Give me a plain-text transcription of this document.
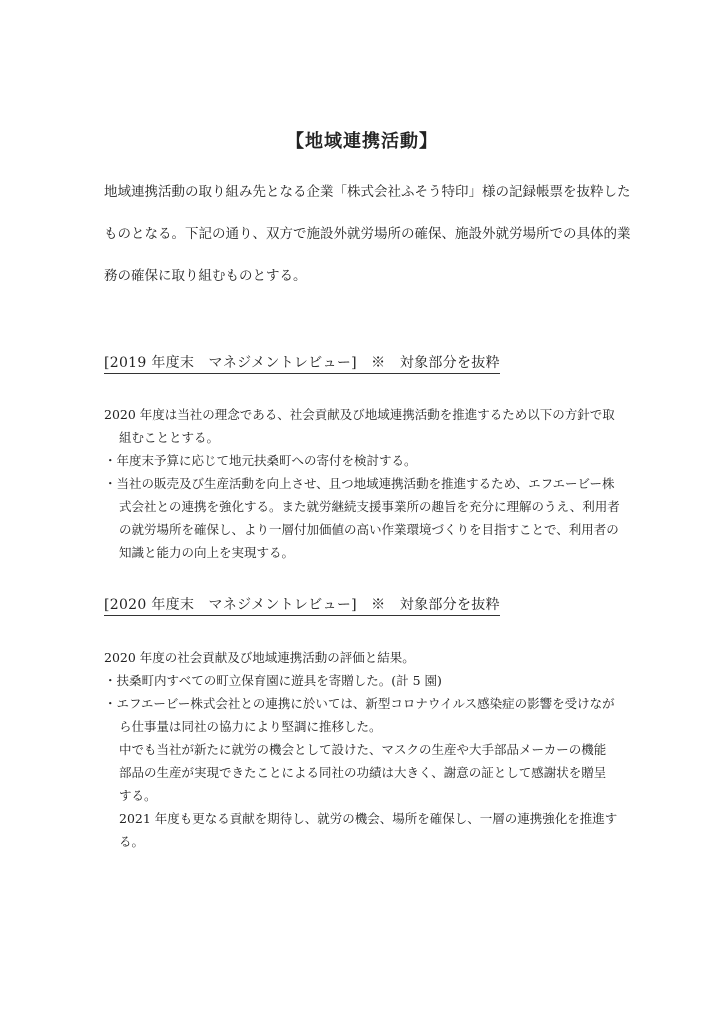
【地域連携活動】
地域連携活動の取り組み先となる企業「株式会社ふそう特印」様の記録帳票を抜粋した
ものとなる。下記の通り、双方で施設外就労場所の確保、施設外就労場所での具体的業
務の確保に取り組むものとする。
[2019 年度末　マネジメントレビュー]　※　対象部分を抜粋
2020 年度は当社の理念である、社会貢献及び地域連携活動を推進するため以下の方針で取
組むこととする。
・年度末予算に応じて地元扶桑町への寄付を検討する。
・当社の販売及び生産活動を向上させ、且つ地域連携活動を推進するため、エフエービー株
式会社との連携を強化する。また就労継続支援事業所の趣旨を充分に理解のうえ、利用者
の就労場所を確保し、より一層付加価値の高い作業環境づくりを目指すことで、利用者の
知識と能力の向上を実現する。
[2020 年度末　マネジメントレビュー]　※　対象部分を抜粋
2020 年度の社会貢献及び地域連携活動の評価と結果。
・扶桑町内すべての町立保育園に遊具を寄贈した。(計 5 園)
・エフエービー株式会社との連携に於いては、新型コロナウイルス感染症の影響を受けなが
ら仕事量は同社の協力により堅調に推移した。
中でも当社が新たに就労の機会として設けた、マスクの生産や大手部品メーカーの機能
部品の生産が実現できたことによる同社の功績は大きく、謝意の証として感謝状を贈呈
する。
2021 年度も更なる貢献を期待し、就労の機会、場所を確保し、一層の連携強化を推進す
る。
